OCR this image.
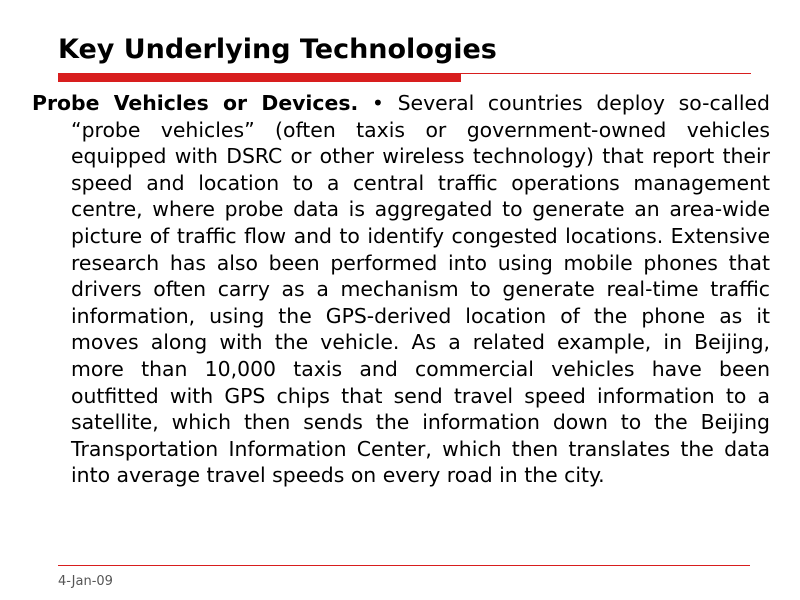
Key Underlying Technologies

Probe Vehicles or Devices. • Several countries deploy so-called “probe vehicles” (often taxis or government-owned vehicles equipped with DSRC or other wireless technology) that report their speed and location to a central traffic operations management centre, where probe data is aggregated to generate an area-wide picture of traffic flow and to identify congested locations. Extensive research has also been performed into using mobile phones that drivers often carry as a mechanism to generate real-time traffic information, using the GPS-derived location of the phone as it moves along with the vehicle. As a related example, in Beijing, more than 10,000 taxis and commercial vehicles have been outfitted with GPS chips that send travel speed information to a satellite, which then sends the information down to the Beijing Transportation Information Center, which then translates the data into average travel speeds on every road in the city.

4-Jan-09
